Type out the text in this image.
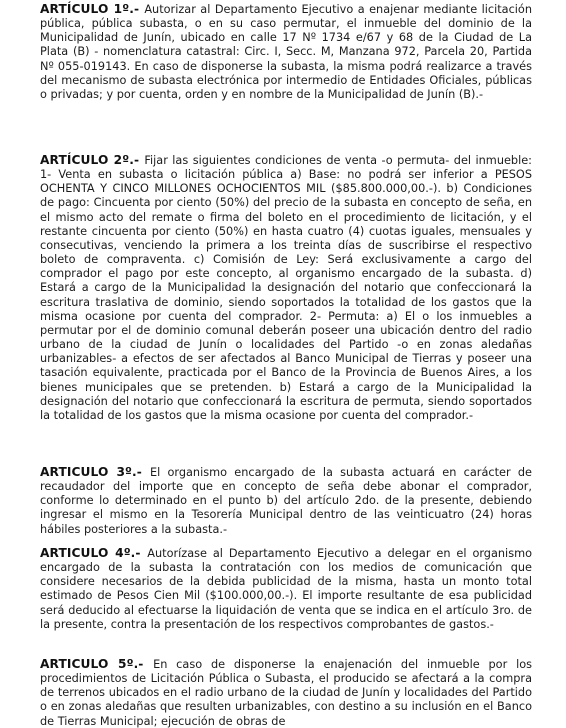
ARTÍCULO 1º.- Autorizar al Departamento Ejecutivo a enajenar mediante licitación pública, pública subasta, o en su caso permutar, el inmueble del dominio de la Municipalidad de Junín, ubicado en calle 17 Nº 1734 e/67 y 68 de la Ciudad de La Plata (B) - nomenclatura catastral: Circ. I, Secc. M, Manzana 972, Parcela 20, Partida Nº 055-019143. En caso de disponerse la subasta, la misma podrá realizarce a través del mecanismo de subasta electrónica por intermedio de Entidades Oficiales, públicas o privadas; y por cuenta, orden y en nombre de la Municipalidad de Junín (B).-
ARTÍCULO 2º.- Fijar las siguientes condiciones de venta -o permuta- del inmueble: 1- Venta en subasta o licitación pública a) Base: no podrá ser inferior a PESOS OCHENTA Y CINCO MILLONES OCHOCIENTOS MIL ($85.800.000,00.-). b) Condiciones de pago: Cincuenta por ciento (50%) del precio de la subasta en concepto de seña, en el mismo acto del remate o firma del boleto en el procedimiento de licitación, y el restante cincuenta por ciento (50%) en hasta cuatro (4) cuotas iguales, mensuales y consecutivas, venciendo la primera a los treinta días de suscribirse el respectivo boleto de compraventa. c) Comisión de Ley: Será exclusivamente a cargo del comprador el pago por este concepto, al organismo encargado de la subasta. d) Estará a cargo de la Municipalidad la designación del notario que confeccionará la escritura traslativa de dominio, siendo soportados la totalidad de los gastos que la misma ocasione por cuenta del comprador. 2- Permuta: a) El o los inmuebles a permutar por el de dominio comunal deberán poseer una ubicación dentro del radio urbano de la ciudad de Junín o localidades del Partido -o en zonas aledañas urbanizables- a efectos de ser afectados al Banco Municipal de Tierras y poseer una tasación equivalente, practicada por el Banco de la Provincia de Buenos Aires, a los bienes municipales que se pretenden. b) Estará a cargo de la Municipalidad la designación del notario que confeccionará la escritura de permuta, siendo soportados la totalidad de los gastos que la misma ocasione por cuenta del comprador.-
ARTICULO 3º.- El organismo encargado de la subasta actuará en carácter de recaudador del importe que en concepto de seña debe abonar el comprador, conforme lo determinado en el punto b) del artículo 2do. de la presente, debiendo ingresar el mismo en la Tesorería Municipal dentro de las veinticuatro (24) horas hábiles posteriores a la subasta.-
ARTICULO 4º.- Autorízase al Departamento Ejecutivo a delegar en el organismo encargado de la subasta la contratación con los medios de comunicación que considere necesarios de la debida publicidad de la misma, hasta un monto total estimado de Pesos Cien Mil ($100.000,00.-). El importe resultante de esa publicidad será deducido al efectuarse la liquidación de venta que se indica en el artículo 3ro. de la presente, contra la presentación de los respectivos comprobantes de gastos.-
ARTICULO 5º.- En caso de disponerse la enajenación del inmueble por los procedimientos de Licitación Pública o Subasta, el producido se afectará a la compra de terrenos ubicados en el radio urbano de la ciudad de Junín y localidades del Partido o en zonas aledañas que resulten urbanizables, con destino a su inclusión en el Banco de Tierras Municipal; ejecución de obras de
